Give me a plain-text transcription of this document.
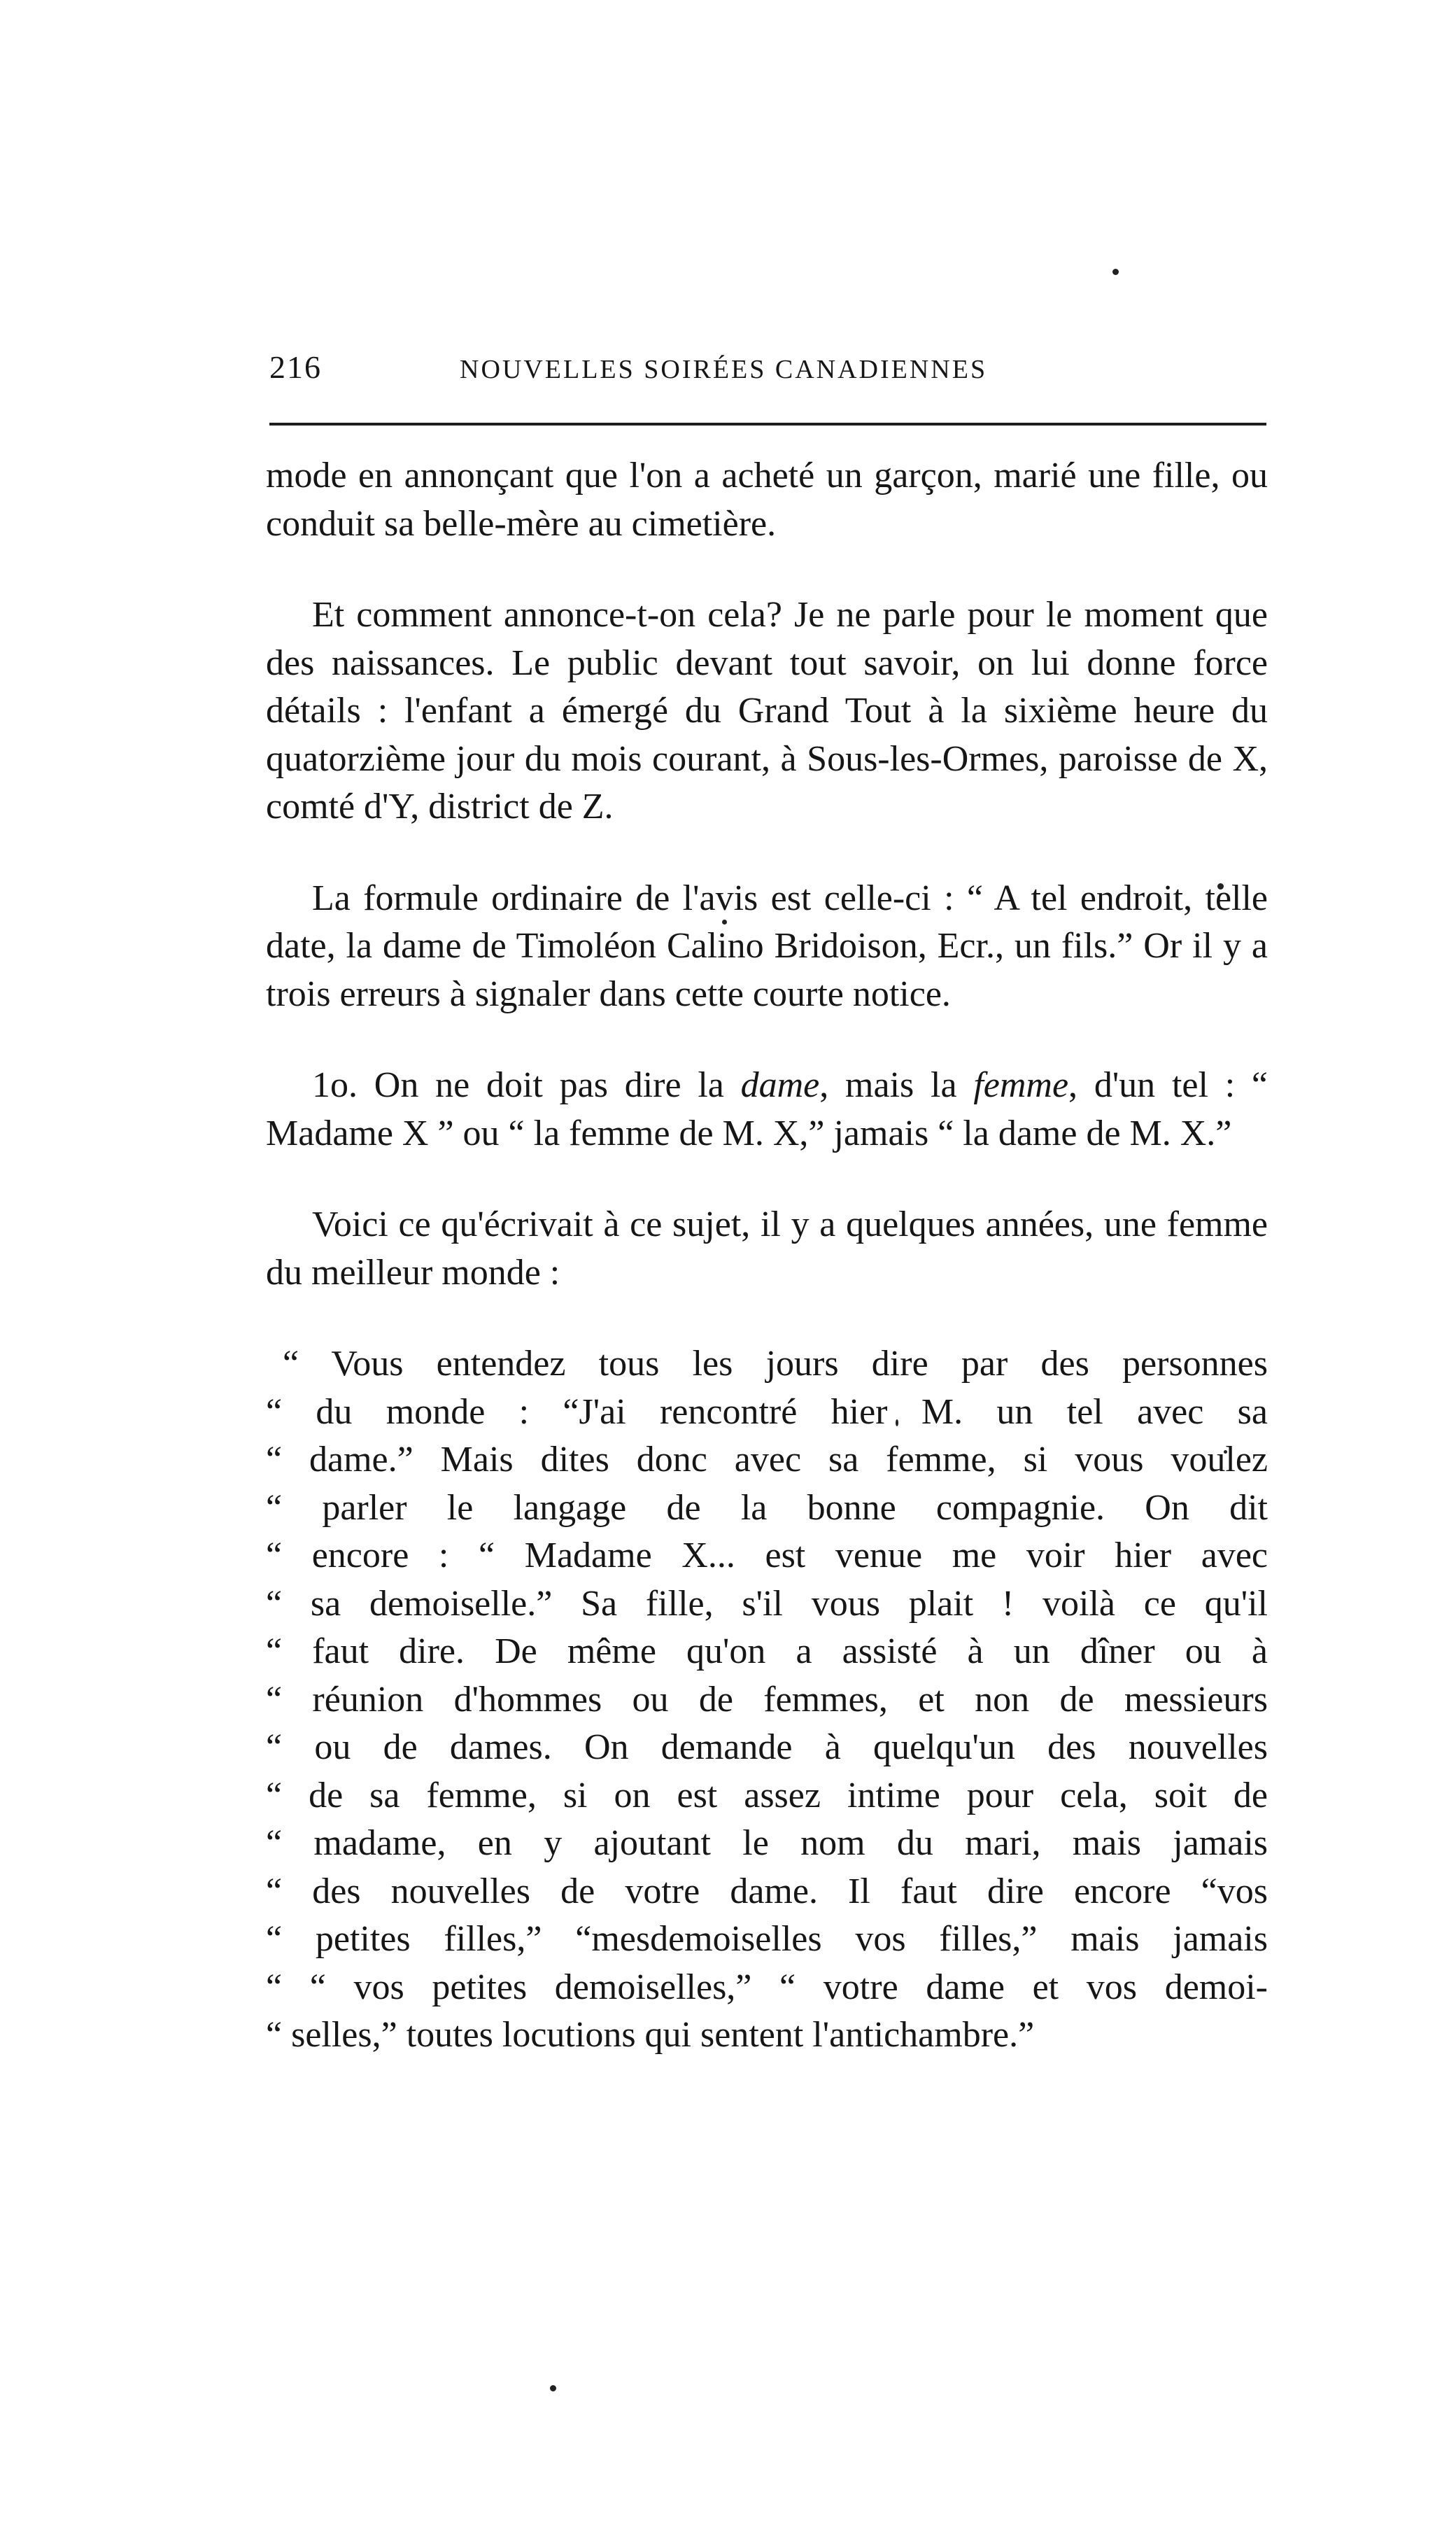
216	NOUVELLES SOIRÉES CANADIENNES

mode en annonçant que l'on a acheté un garçon, marié une fille, ou conduit sa belle-mère au cimetière.

Et comment annonce-t-on cela? Je ne parle pour le moment que des naissances. Le public devant tout savoir, on lui donne force détails : l'enfant a émergé du Grand Tout à la sixième heure du quatorzième jour du mois courant, à Sous-les-Ormes, paroisse de X, comté d'Y, district de Z.

La formule ordinaire de l'avis est celle-ci : “ A tel endroit, telle date, la dame de Timoléon Calino Bridoison, Ecr., un fils.” Or il y a trois erreurs à signaler dans cette courte notice.

1o. On ne doit pas dire la dame, mais la femme, d'un tel : “ Madame X ” ou “ la femme de M. X,” jamais “ la dame de M. X.”

Voici ce qu'écrivait à ce sujet, il y a quelques années, une femme du meilleur monde :

“ Vous entendez tous les jours dire par des personnes
“ du monde : “J'ai rencontré hier M. un tel avec sa
“ dame.” Mais dites donc avec sa femme, si vous voulez
“ parler le langage de la bonne compagnie. On dit
“ encore : “ Madame X... est venue me voir hier avec
“ sa demoiselle.” Sa fille, s'il vous plait ! voilà ce qu'il
“ faut dire. De même qu'on a assisté à un dîner ou à
“ réunion d'hommes ou de femmes, et non de messieurs
“ ou de dames. On demande à quelqu'un des nouvelles
“ de sa femme, si on est assez intime pour cela, soit de
“ madame, en y ajoutant le nom du mari, mais jamais
“ des nouvelles de votre dame. Il faut dire encore “vos
“ petites filles,” “mesdemoiselles vos filles,” mais jamais
“ “ vos petites demoiselles,” “ votre dame et vos demoi-
“ selles,” toutes locutions qui sentent l'antichambre.”
